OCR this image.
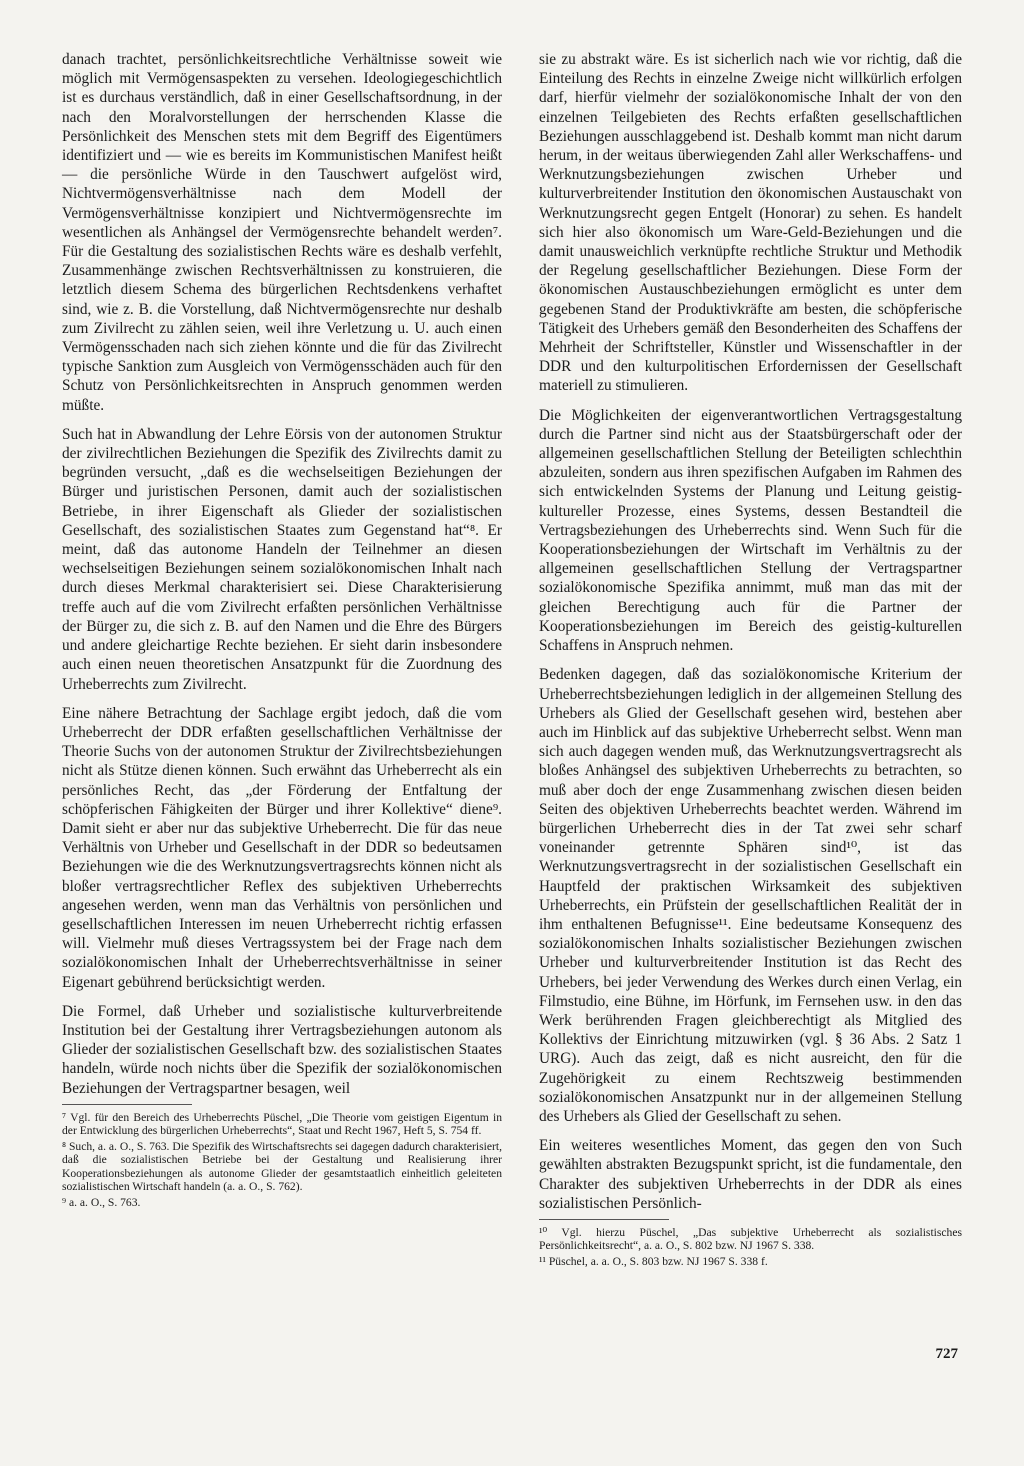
danach trachtet, persönlichkeitsrechtliche Verhältnisse soweit wie möglich mit Vermögensaspekten zu versehen. Ideologiegeschichtlich ist es durchaus verständlich, daß in einer Gesellschaftsordnung, in der nach den Moralvorstellungen der herrschenden Klasse die Persönlichkeit des Menschen stets mit dem Begriff des Eigentümers identifiziert und — wie es bereits im Kommunistischen Manifest heißt — die persönliche Würde in den Tauschwert aufgelöst wird, Nichtvermögensverhältnisse nach dem Modell der Vermögensverhältnisse konzipiert und Nichtvermögensrechte im wesentlichen als Anhängsel der Vermögensrechte behandelt werden⁷. Für die Gestaltung des sozialistischen Rechts wäre es deshalb verfehlt, Zusammenhänge zwischen Rechtsverhältnissen zu konstruieren, die letztlich diesem Schema des bürgerlichen Rechtsdenkens verhaftet sind, wie z. B. die Vorstellung, daß Nichtvermögensrechte nur deshalb zum Zivilrecht zu zählen seien, weil ihre Verletzung u. U. auch einen Vermögensschaden nach sich ziehen könnte und die für das Zivilrecht typische Sanktion zum Ausgleich von Vermögensschäden auch für den Schutz von Persönlichkeitsrechten in Anspruch genommen werden müßte.

Such hat in Abwandlung der Lehre Eörsis von der autonomen Struktur der zivilrechtlichen Beziehungen die Spezifik des Zivilrechts damit zu begründen versucht, „daß es die wechselseitigen Beziehungen der Bürger und juristischen Personen, damit auch der sozialistischen Betriebe, in ihrer Eigenschaft als Glieder der sozialistischen Gesellschaft, des sozialistischen Staates zum Gegenstand hat“⁸. Er meint, daß das autonome Handeln der Teilnehmer an diesen wechselseitigen Beziehungen seinem sozialökonomischen Inhalt nach durch dieses Merkmal charakterisiert sei. Diese Charakterisierung treffe auch auf die vom Zivilrecht erfaßten persönlichen Verhältnisse der Bürger zu, die sich z. B. auf den Namen und die Ehre des Bürgers und andere gleichartige Rechte beziehen. Er sieht darin insbesondere auch einen neuen theoretischen Ansatzpunkt für die Zuordnung des Urheberrechts zum Zivilrecht.

Eine nähere Betrachtung der Sachlage ergibt jedoch, daß die vom Urheberrecht der DDR erfaßten gesellschaftlichen Verhältnisse der Theorie Suchs von der autonomen Struktur der Zivilrechtsbeziehungen nicht als Stütze dienen können. Such erwähnt das Urheberrecht als ein persönliches Recht, das „der Förderung der Entfaltung der schöpferischen Fähigkeiten der Bürger und ihrer Kollektive“ diene⁹. Damit sieht er aber nur das subjektive Urheberrecht. Die für das neue Verhältnis von Urheber und Gesellschaft in der DDR so bedeutsamen Beziehungen wie die des Werknutzungsvertragsrechts können nicht als bloßer vertragsrechtlicher Reflex des subjektiven Urheberrechts angesehen werden, wenn man das Verhältnis von persönlichen und gesellschaftlichen Interessen im neuen Urheberrecht richtig erfassen will. Vielmehr muß dieses Vertragssystem bei der Frage nach dem sozialökonomischen Inhalt der Urheberrechtsverhältnisse in seiner Eigenart gebührend berücksichtigt werden.

Die Formel, daß Urheber und sozialistische kulturverbreitende Institution bei der Gestaltung ihrer Vertragsbeziehungen autonom als Glieder der sozialistischen Gesellschaft bzw. des sozialistischen Staates handeln, würde noch nichts über die Spezifik der sozialökonomischen Beziehungen der Vertragspartner besagen, weil

⁷ Vgl. für den Bereich des Urheberrechts Püschel, „Die Theorie vom geistigen Eigentum in der Entwicklung des bürgerlichen Urheberrechts“, Staat und Recht 1967, Heft 5, S. 754 ff.
⁸ Such, a. a. O., S. 763. Die Spezifik des Wirtschaftsrechts sei dagegen dadurch charakterisiert, daß die sozialistischen Betriebe bei der Gestaltung und Realisierung ihrer Kooperationsbeziehungen als autonome Glieder der gesamtstaatlich einheitlich geleiteten sozialistischen Wirtschaft handeln (a. a. O., S. 762).
⁹ a. a. O., S. 763.

sie zu abstrakt wäre. Es ist sicherlich nach wie vor richtig, daß die Einteilung des Rechts in einzelne Zweige nicht willkürlich erfolgen darf, hierfür vielmehr der sozialökonomische Inhalt der von den einzelnen Teilgebieten des Rechts erfaßten gesellschaftlichen Beziehungen ausschlaggebend ist. Deshalb kommt man nicht darum herum, in der weitaus überwiegenden Zahl aller Werkschaffens- und Werknutzungsbeziehungen zwischen Urheber und kulturverbreitender Institution den ökonomischen Austauschakt von Werknutzungsrecht gegen Entgelt (Honorar) zu sehen. Es handelt sich hier also ökonomisch um Ware-Geld-Beziehungen und die damit unausweichlich verknüpfte rechtliche Struktur und Methodik der Regelung gesellschaftlicher Beziehungen. Diese Form der ökonomischen Austauschbeziehungen ermöglicht es unter dem gegebenen Stand der Produktivkräfte am besten, die schöpferische Tätigkeit des Urhebers gemäß den Besonderheiten des Schaffens der Mehrheit der Schriftsteller, Künstler und Wissenschaftler in der DDR und den kulturpolitischen Erfordernissen der Gesellschaft materiell zu stimulieren.

Die Möglichkeiten der eigenverantwortlichen Vertragsgestaltung durch die Partner sind nicht aus der Staatsbürgerschaft oder der allgemeinen gesellschaftlichen Stellung der Beteiligten schlechthin abzuleiten, sondern aus ihren spezifischen Aufgaben im Rahmen des sich entwickelnden Systems der Planung und Leitung geistig-kultureller Prozesse, eines Systems, dessen Bestandteil die Vertragsbeziehungen des Urheberrechts sind. Wenn Such für die Kooperationsbeziehungen der Wirtschaft im Verhältnis zu der allgemeinen gesellschaftlichen Stellung der Vertragspartner sozialökonomische Spezifika annimmt, muß man das mit der gleichen Berechtigung auch für die Partner der Kooperationsbeziehungen im Bereich des geistig-kulturellen Schaffens in Anspruch nehmen.

Bedenken dagegen, daß das sozialökonomische Kriterium der Urheberrechtsbeziehungen lediglich in der allgemeinen Stellung des Urhebers als Glied der Gesellschaft gesehen wird, bestehen aber auch im Hinblick auf das subjektive Urheberrecht selbst. Wenn man sich auch dagegen wenden muß, das Werknutzungsvertragsrecht als bloßes Anhängsel des subjektiven Urheberrechts zu betrachten, so muß aber doch der enge Zusammenhang zwischen diesen beiden Seiten des objektiven Urheberrechts beachtet werden. Während im bürgerlichen Urheberrecht dies in der Tat zwei sehr scharf voneinander getrennte Sphären sind¹⁰, ist das Werknutzungsvertragsrecht in der sozialistischen Gesellschaft ein Hauptfeld der praktischen Wirksamkeit des subjektiven Urheberrechts, ein Prüfstein der gesellschaftlichen Realität der in ihm enthaltenen Befugnisse¹¹. Eine bedeutsame Konsequenz des sozialökonomischen Inhalts sozialistischer Beziehungen zwischen Urheber und kulturverbreitender Institution ist das Recht des Urhebers, bei jeder Verwendung des Werkes durch einen Verlag, ein Filmstudio, eine Bühne, im Hörfunk, im Fernsehen usw. in den das Werk berührenden Fragen gleichberechtigt als Mitglied des Kollektivs der Einrichtung mitzuwirken (vgl. § 36 Abs. 2 Satz 1 URG). Auch das zeigt, daß es nicht ausreicht, den für die Zugehörigkeit zu einem Rechtszweig bestimmenden sozialökonomischen Ansatzpunkt nur in der allgemeinen Stellung des Urhebers als Glied der Gesellschaft zu sehen.

Ein weiteres wesentliches Moment, das gegen den von Such gewählten abstrakten Bezugspunkt spricht, ist die fundamentale, den Charakter des subjektiven Urheberrechts in der DDR als eines sozialistischen Persönlich-

¹⁰ Vgl. hierzu Püschel, „Das subjektive Urheberrecht als sozialistisches Persönlichkeitsrecht“, a. a. O., S. 802 bzw. NJ 1967 S. 338.
¹¹ Püschel, a. a. O., S. 803 bzw. NJ 1967 S. 338 f.
727
